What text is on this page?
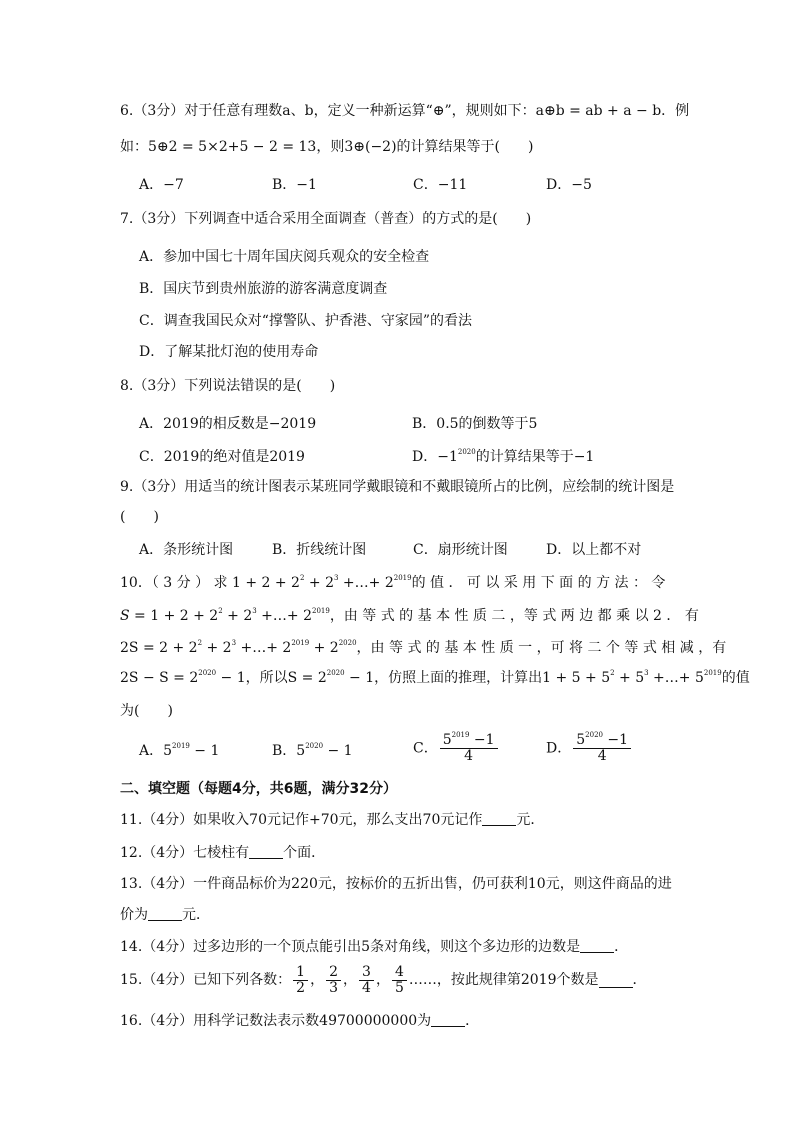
6.（3分）对于任意有理数a、b，定义一种新运算“⊕”，规则如下：a⊕b = ab + a − b．例
如：5⊕2 = 5×2+5 − 2 = 13，则3⊕(−2)的计算结果等于(　　)
A．−7	B．−1	C．−11	D．−5
7.（3分）下列调查中适合采用全面调查（普查）的方式的是(　　)
A．参加中国七十周年国庆阅兵观众的安全检查
B．国庆节到贵州旅游的游客满意度调查
C．调查我国民众对“撑警队、护香港、守家园”的看法
D．了解某批灯泡的使用寿命
8.（3分）下列说法错误的是(　　)
A．2019的相反数是−2019	B．0.5的倒数等于5
C．2019的绝对值是2019	D．$-1^{2020}$的计算结果等于−1
9.（3分）用适当的统计图表示某班同学戴眼镜和不戴眼镜所占的比例，应绘制的统计图是
(　　)
A．条形统计图	B．折线统计图	C．扇形统计图	D．以上都不对
10．（ 3 分 ） 求 $1 + 2 + 2^2 + 2^3$ +…+ $2^{2019}$的 值 ． 可 以 采 用 下 面 的 方 法 ： 令
$S = 1 + 2 + 2^2 + 2^3$ +…+ $2^{2019}$，由 等 式 的 基 本 性 质 二 ，等 式 两 边 都 乘 以 2 ． 有
$2S = 2 + 2^2 + 2^3$ +…+ $2^{2019} + 2^{2020}$，由 等 式 的 基 本 性 质 一 ，可 将 二 个 等 式 相 减 ，有
$2S - S = 2^{2020} - 1$，所以$S = 2^{2020} - 1$，仿照上面的推理，计算出$1 + 5 + 5^2 + 5^3$ +…+ $5^{2019}$的值
为(　　)
A．$5^{2019} - 1$	B．$5^{2020} - 1$	C． $\frac{5^{2019} -1}{4}$	D． $\frac{5^{2020} -1}{4}$
二、填空题（每题4分，共6题，满分32分）
11.（4分）如果收入70元记作+70元，那么支出70元记作 元．
12.（4分）七棱柱有 个面．
13.（4分）一件商品标价为220元，按标价的五折出售，仍可获利10元，则这件商品的进
价为 元．
14.（4分）过多边形的一个顶点能引出5条对角线，则这个多边形的边数是 ．
15.（4分）已知下列各数： $\frac{1}{2}$ ， $\frac{2}{3}$ ， $\frac{3}{4}$ ， $\frac{4}{5}$ ……，按此规律第2019个数是 ．
16.（4分）用科学记数法表示数49700000000为 ．
